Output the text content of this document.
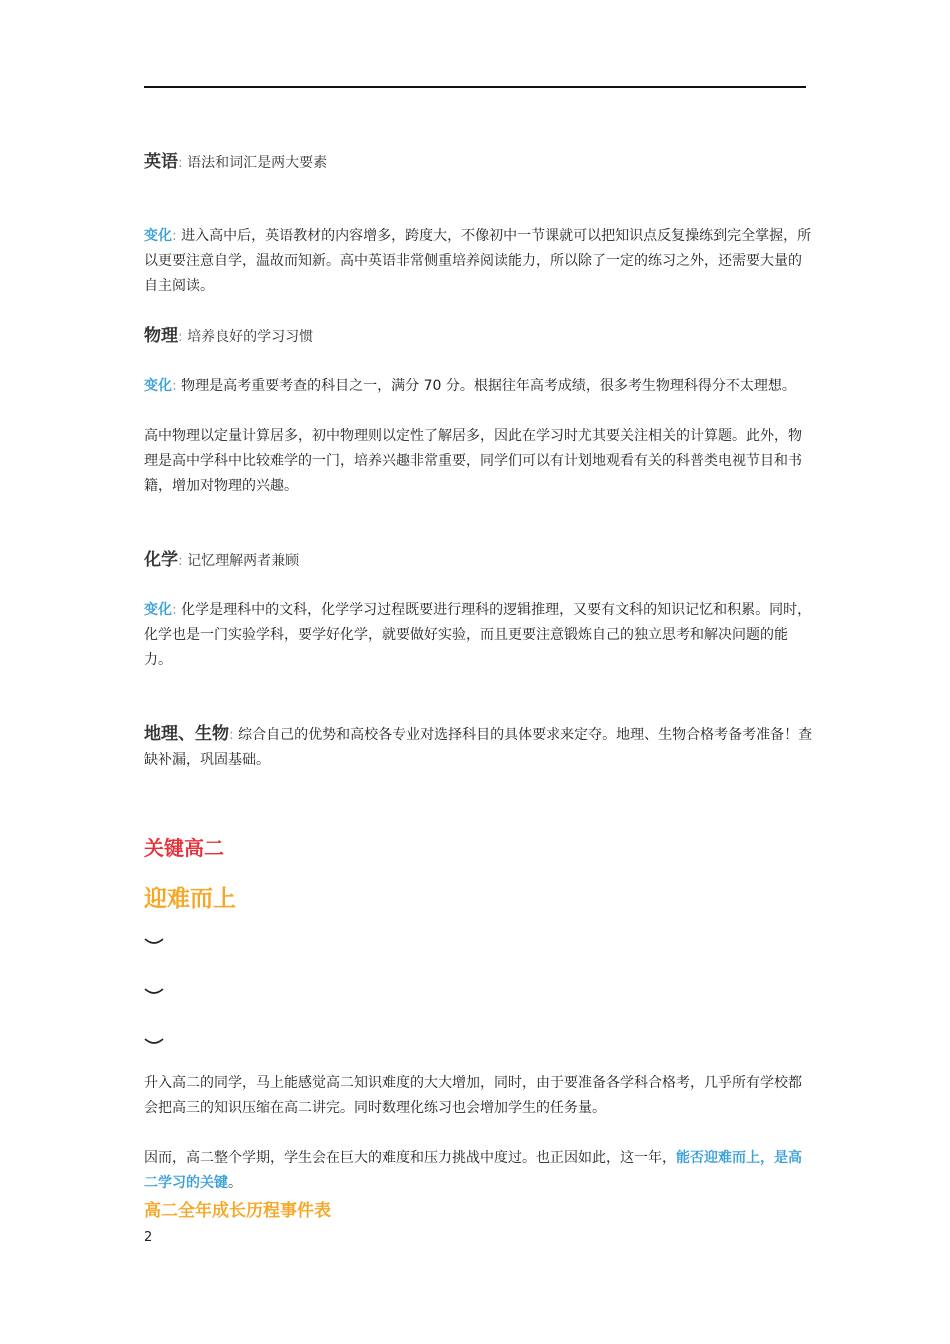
英语: 语法和词汇是两大要素
变化: 进入高中后，英语教材的内容增多，跨度大，不像初中一节课就可以把知识点反复操练到完全掌握，所以更要注意自学，温故而知新。高中英语非常侧重培养阅读能力，所以除了一定的练习之外，还需要大量的自主阅读。
物理: 培养良好的学习习惯
变化: 物理是高考重要考查的科目之一，满分 70 分。根据往年高考成绩，很多考生物理科得分不太理想。
高中物理以定量计算居多，初中物理则以定性了解居多，因此在学习时尤其要关注相关的计算题。此外，物理是高中学科中比较难学的一门，培养兴趣非常重要，同学们可以有计划地观看有关的科普类电视节目和书籍，增加对物理的兴趣。
化学: 记忆理解两者兼顾
变化: 化学是理科中的文科，化学学习过程既要进行理科的逻辑推理，又要有文科的知识记忆和积累。同时，化学也是一门实验学科，要学好化学，就要做好实验，而且更要注意锻炼自己的独立思考和解决问题的能力。
地理、生物: 综合自己的优势和高校各专业对选择科目的具体要求来定夺。地理、生物合格考备考准备！查缺补漏，巩固基础。
关键高二
迎难而上
升入高二的同学，马上能感觉高二知识难度的大大增加，同时，由于要准备各学科合格考，几乎所有学校都会把高三的知识压缩在高二讲完。同时数理化练习也会增加学生的任务量。
因而，高二整个学期，学生会在巨大的难度和压力挑战中度过。也正因如此，这一年，能否迎难而上，是高二学习的关键。
高二全年成长历程事件表
2
